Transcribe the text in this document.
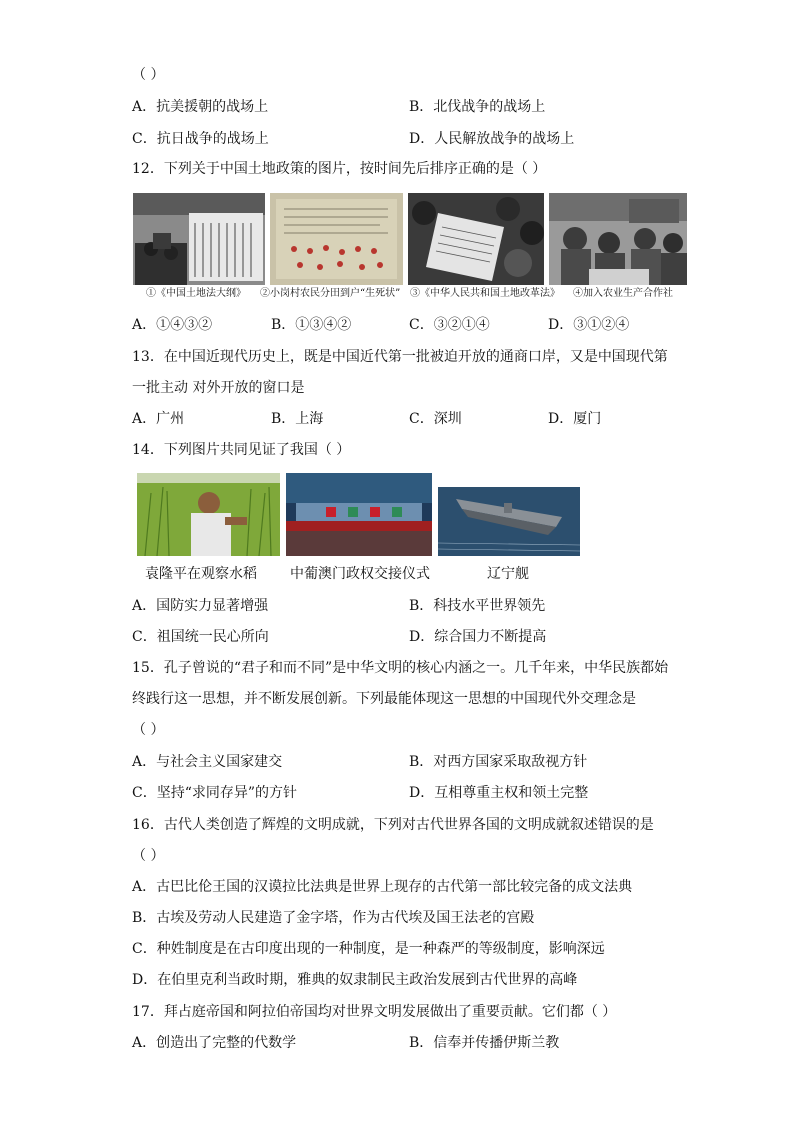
（ ）
A．抗美援朝的战场上	B．北伐战争的战场上
C．抗日战争的战场上	D．人民解放战争的战场上
12．下列关于中国土地政策的图片，按时间先后排序正确的是（ ）
①《中国土地法大纲》 ②小岗村农民分田到户“生死状” ③《中华人民共和国土地改革法》 ④加入农业生产合作社
A．①④③②	B．①③④②	C．③②①④	D．③①②④
13．在中国近现代历史上，既是中国近代第一批被迫开放的通商口岸，又是中国现代第
一批主动 对外开放的窗口是
A．广州	B．上海	C．深圳	D．厦门
14．下列图片共同见证了我国（ ）
袁隆平在观察水稻 中葡澳门政权交接仪式	辽宁舰
A．国防实力显著增强	B．科技水平世界领先
C．祖国统一民心所向	D．综合国力不断提高
15．孔子曾说的“君子和而不同”是中华文明的核心内涵之一。几千年来，中华民族都始
终践行这一思想，并不断发展创新。下列最能体现这一思想的中国现代外交理念是
（ ）
A．与社会主义国家建交	B．对西方国家采取敌视方针
C．坚持“求同存异”的方针	D．互相尊重主权和领土完整
16．古代人类创造了辉煌的文明成就，下列对古代世界各国的文明成就叙述错误的是
（ ）
A．古巴比伦王国的汉谟拉比法典是世界上现存的古代第一部比较完备的成文法典
B．古埃及劳动人民建造了金字塔，作为古代埃及国王法老的宫殿
C．种姓制度是在古印度出现的一种制度，是一种森严的等级制度，影响深远
D．在伯里克利当政时期，雅典的奴隶制民主政治发展到古代世界的高峰
17．拜占庭帝国和阿拉伯帝国均对世界文明发展做出了重要贡献。它们都（ ）
A．创造出了完整的代数学	B．信奉并传播伊斯兰教
